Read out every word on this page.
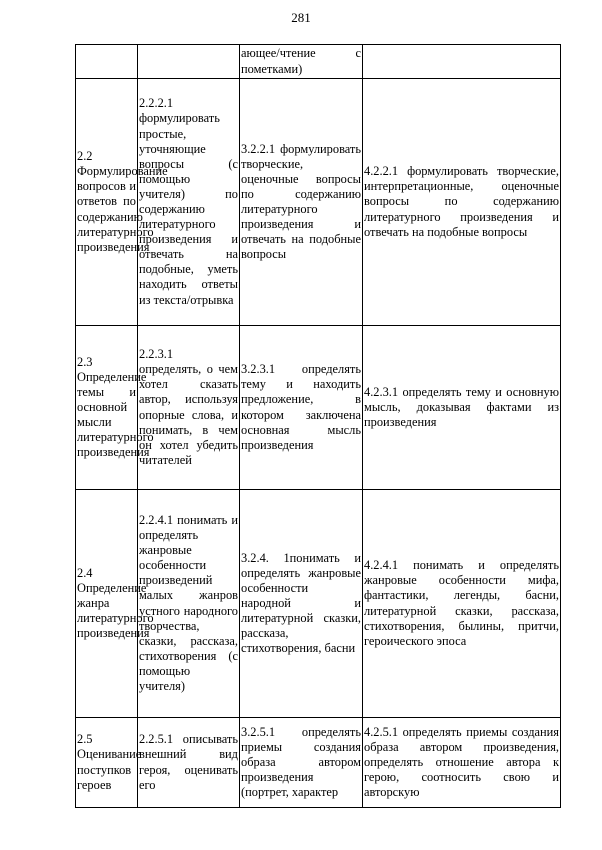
281
		ающее/чтение с пометками)	
2.2 Формулирование вопросов и ответов по содержанию литературного произведения	2.2.2.1 формулировать простые, уточняющие вопросы (с помощью учителя) по содержанию литературного произведения и отвечать на подобные, уметь находить ответы из текста/отрывка	3.2.2.1 формулировать творческие, оценочные вопросы по содержанию литературного произведения и отвечать на подобные вопросы	4.2.2.1 формулировать творческие, интерпретационные, оценочные вопросы по содержанию литературного произведения и отвечать на подобные вопросы
2.3 Определение темы и основной мысли литературного произведения	2.2.3.1 определять, о чем хотел сказать автор, используя опорные слова, и понимать, в чем он хотел убедить читателей	3.2.3.1 определять тему и находить предложение, в котором заключена основная мысль произведения	4.2.3.1 определять тему и основную мысль, доказывая фактами из произведения
2.4 Определение жанра литературного произведения	2.2.4.1 понимать и определять жанровые особенности произведений малых жанров устного народного творчества, сказки, рассказа, стихотворения (с помощью учителя)	3.2.4. 1понимать и определять жанровые особенности народной и литературной сказки, рассказа, стихотворения, басни	4.2.4.1 понимать и определять жанровые особенности мифа, фантастики, легенды, басни, литературной сказки, рассказа, стихотворения, былины, притчи, героического эпоса
2.5 Оценивание поступков героев	2.2.5.1 описывать внешний вид героя, оценивать его	3.2.5.1 определять приемы создания образа автором произведения (портрет, характер	4.2.5.1 определять приемы создания образа автором произведения, определять отношение автора к герою, соотносить свою и авторскую
